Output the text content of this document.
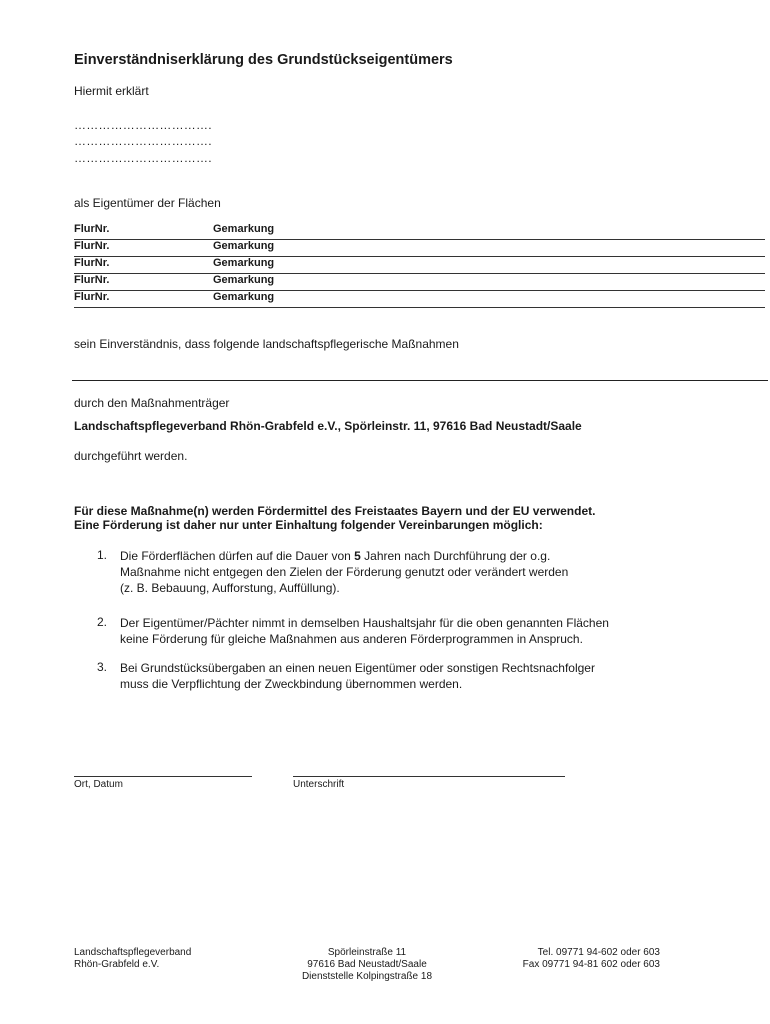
Einverständniserklärung des Grundstückseigentümers
Hiermit erklärt
…………………………….
…………………………….
…………………………….
als Eigentümer der Flächen
FlurNr.	Gemarkung
FlurNr.	Gemarkung
FlurNr.	Gemarkung
FlurNr.	Gemarkung
FlurNr.	Gemarkung
sein Einverständnis, dass folgende landschaftspflegerische Maßnahmen
durch den Maßnahmenträger
Landschaftspflegeverband Rhön-Grabfeld e.V., Spörleinstr. 11, 97616 Bad Neustadt/Saale
durchgeführt werden.
Für diese Maßnahme(n) werden Fördermittel des Freistaates Bayern und der EU verwendet.
Eine Förderung ist daher nur unter Einhaltung folgender Vereinbarungen möglich:
1. Die Förderflächen dürfen auf die Dauer von 5 Jahren nach Durchführung der o.g.
Maßnahme nicht entgegen den Zielen der Förderung genutzt oder verändert werden
(z. B. Bebauung, Aufforstung, Auffüllung).
2. Der Eigentümer/Pächter nimmt in demselben Haushaltsjahr für die oben genannten Flächen
keine Förderung für gleiche Maßnahmen aus anderen Förderprogrammen in Anspruch.
3. Bei Grundstücksübergaben an einen neuen Eigentümer oder sonstigen Rechtsnachfolger
muss die Verpflichtung der Zweckbindung übernommen werden.
Ort, Datum	Unterschrift
Landschaftspflegeverband
Rhön-Grabfeld e.V.
Spörleinstraße 11
97616 Bad Neustadt/Saale
Dienststelle Kolpingstraße 18
Tel. 09771 94-602 oder 603
Fax 09771 94-81 602 oder 603
